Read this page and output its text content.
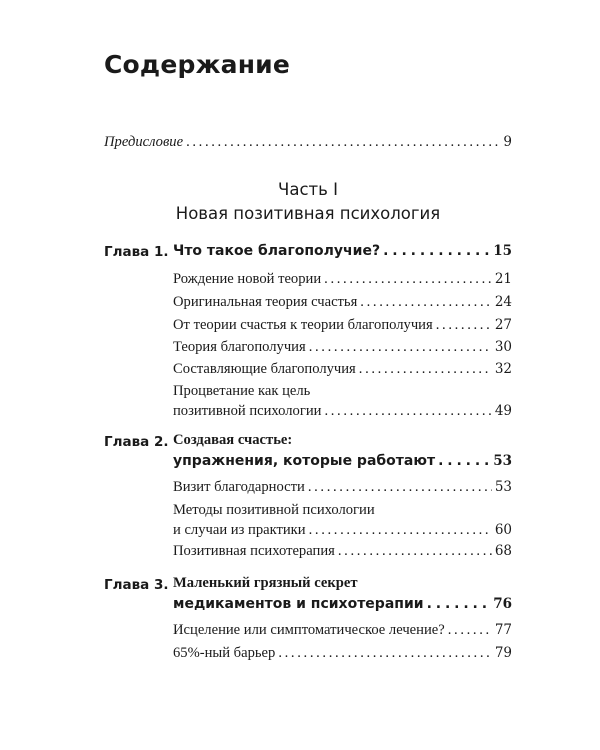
Содержание
Предисловие . . .	9
Часть I
Новая позитивная психология
Глава 1. Что такое благополучие? . . .	15
Рождение новой теории . . .	21
Оригинальная теория счастья . . .	24
От теории счастья к теории благополучия . . .	27
Теория благополучия . . .	30
Составляющие благополучия . . .	32
Процветание как цель
позитивной психологии . . .	49
Глава 2. Создавая счастье:
упражнения, которые работают . . .	53
Визит благодарности . . .	53
Методы позитивной психологии
и случаи из практики . . .	60
Позитивная психотерапия . . .	68
Глава 3. Маленький грязный секрет
медикаментов и психотерапии . . .	76
Исцеление или симптоматическое лечение? . . .	77
65%-ный барьер . . .	79
